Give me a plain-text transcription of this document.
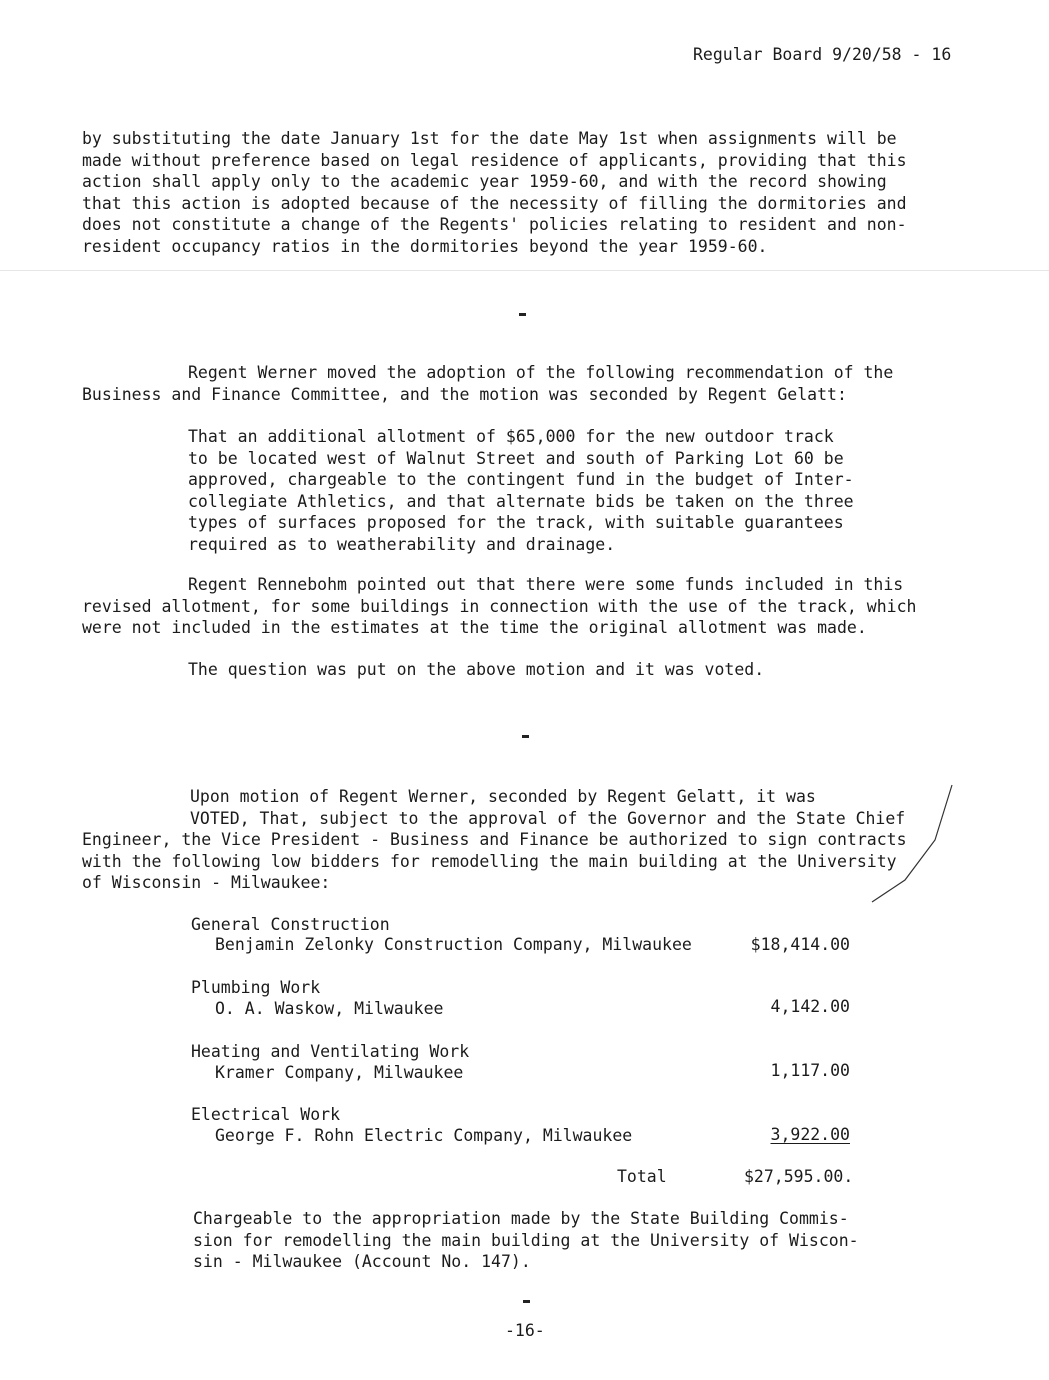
Regular Board 9/20/58 - 16
by substituting the date January 1st for the date May 1st when assignments will be
made without preference based on legal residence of applicants, providing that this
action shall apply only to the academic year 1959-60, and with the record showing
that this action is adopted because of the necessity of filling the dormitories and
does not constitute a change of the Regents' policies relating to resident and non-
resident occupancy ratios in the dormitories beyond the year 1959-60.
Regent Werner moved the adoption of the following recommendation of the
Business and Finance Committee, and the motion was seconded by Regent Gelatt:
That an additional allotment of $65,000 for the new outdoor track
to be located west of Walnut Street and south of Parking Lot 60 be
approved, chargeable to the contingent fund in the budget of Inter-
collegiate Athletics, and that alternate bids be taken on the three
types of surfaces proposed for the track, with suitable guarantees
required as to weatherability and drainage.
Regent Rennebohm pointed out that there were some funds included in this
revised allotment, for some buildings in connection with the use of the track, which
were not included in the estimates at the time the original allotment was made.
The question was put on the above motion and it was voted.
Upon motion of Regent Werner, seconded by Regent Gelatt, it was
VOTED, That, subject to the approval of the Governor and the State Chief
Engineer, the Vice President - Business and Finance be authorized to sign contracts
with the following low bidders for remodelling the main building at the University
of Wisconsin - Milwaukee:
General Construction
Benjamin Zelonky Construction Company, Milwaukee	$18,414.00
Plumbing Work
O. A. Waskow, Milwaukee	4,142.00
Heating and Ventilating Work
Kramer Company, Milwaukee	1,117.00
Electrical Work
George F. Rohn Electric Company, Milwaukee	3,922.00
Total	$27,595.00.
Chargeable to the appropriation made by the State Building Commis-
sion for remodelling the main building at the University of Wiscon-
sin - Milwaukee (Account No. 147).
-16-
